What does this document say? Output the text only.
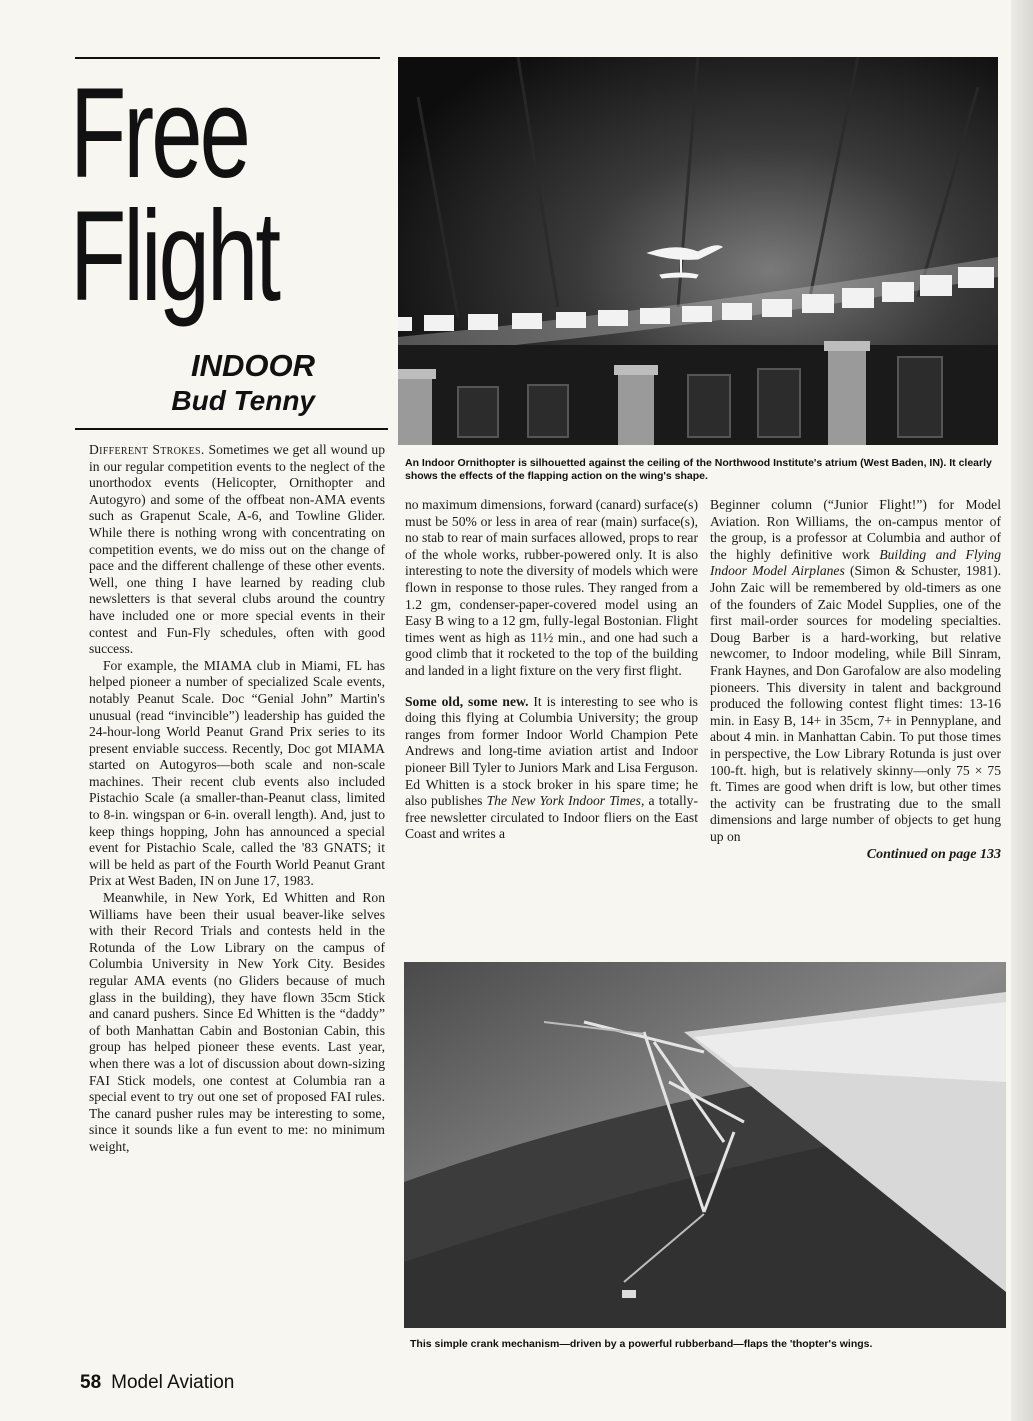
Free
Flight
INDOOR
Bud Tenny

Different Strokes. Sometimes we get all wound up in our regular competition events to the neglect of the unorthodox events (Helicopter, Ornithopter and Autogyro) and some of the offbeat non-AMA events such as Grapenut Scale, A-6, and Towline Glider. While there is nothing wrong with concentrating on competition events, we do miss out on the change of pace and the different challenge of these other events. Well, one thing I have learned by reading club newsletters is that several clubs around the country have included one or more special events in their contest and Fun-Fly schedules, often with good success.

For example, the MIAMA club in Miami, FL has helped pioneer a number of specialized Scale events, notably Peanut Scale. Doc “Genial John” Martin's unusual (read “invincible”) leadership has guided the 24-hour-long World Peanut Grand Prix series to its present enviable success. Recently, Doc got MIAMA started on Autogyros—both scale and non-scale machines. Their recent club events also included Pistachio Scale (a smaller-than-Peanut class, limited to 8-in. wingspan or 6-in. overall length). And, just to keep things hopping, John has announced a special event for Pistachio Scale, called the '83 GNATS; it will be held as part of the Fourth World Peanut Grant Prix at West Baden, IN on June 17, 1983.

Meanwhile, in New York, Ed Whitten and Ron Williams have been their usual beaver-like selves with their Record Trials and contests held in the Rotunda of the Low Library on the campus of Columbia University in New York City. Besides regular AMA events (no Gliders because of much glass in the building), they have flown 35cm Stick and canard pushers. Since Ed Whitten is the “daddy” of both Manhattan Cabin and Bostonian Cabin, this group has helped pioneer these events. Last year, when there was a lot of discussion about down-sizing FAI Stick models, one contest at Columbia ran a special event to try out one set of proposed FAI rules. The canard pusher rules may be interesting to some, since it sounds like a fun event to me: no minimum weight,

An Indoor Ornithopter is silhouetted against the ceiling of the Northwood Institute's atrium (West Baden, IN). It clearly shows the effects of the flapping action on the wing's shape.

no maximum dimensions, forward (canard) surface(s) must be 50% or less in area of rear (main) surface(s), no stab to rear of main surfaces allowed, props to rear of the whole works, rubber-powered only. It is also interesting to note the diversity of models which were flown in response to those rules. They ranged from a 1.2 gm, condenser-paper-covered model using an Easy B wing to a 12 gm, fully-legal Bostonian. Flight times went as high as 11½ min., and one had such a good climb that it rocketed to the top of the building and landed in a light fixture on the very first flight.

Some old, some new. It is interesting to see who is doing this flying at Columbia University; the group ranges from former Indoor World Champion Pete Andrews and long-time aviation artist and Indoor pioneer Bill Tyler to Juniors Mark and Lisa Ferguson. Ed Whitten is a stock broker in his spare time; he also publishes The New York Indoor Times, a totally-free newsletter circulated to Indoor fliers on the East Coast and writes a

Beginner column (“Junior Flight!”) for Model Aviation. Ron Williams, the on-campus mentor of the group, is a professor at Columbia and author of the highly definitive work Building and Flying Indoor Model Airplanes (Simon & Schuster, 1981). John Zaic will be remembered by old-timers as one of the founders of Zaic Model Supplies, one of the first mail-order sources for modeling specialties. Doug Barber is a hard-working, but relative newcomer, to Indoor modeling, while Bill Sinram, Frank Haynes, and Don Garofalow are also modeling pioneers. This diversity in talent and background produced the following contest flight times: 13-16 min. in Easy B, 14+ in 35cm, 7+ in Pennyplane, and about 4 min. in Manhattan Cabin. To put those times in perspective, the Low Library Rotunda is just over 100-ft. high, but is relatively skinny—only 75 × 75 ft. Times are good when drift is low, but other times the activity can be frustrating due to the small dimensions and large number of objects to get hung up on

Continued on page 133
This simple crank mechanism—driven by a powerful rubberband—flaps the 'thopter's wings.
58 Model Aviation
